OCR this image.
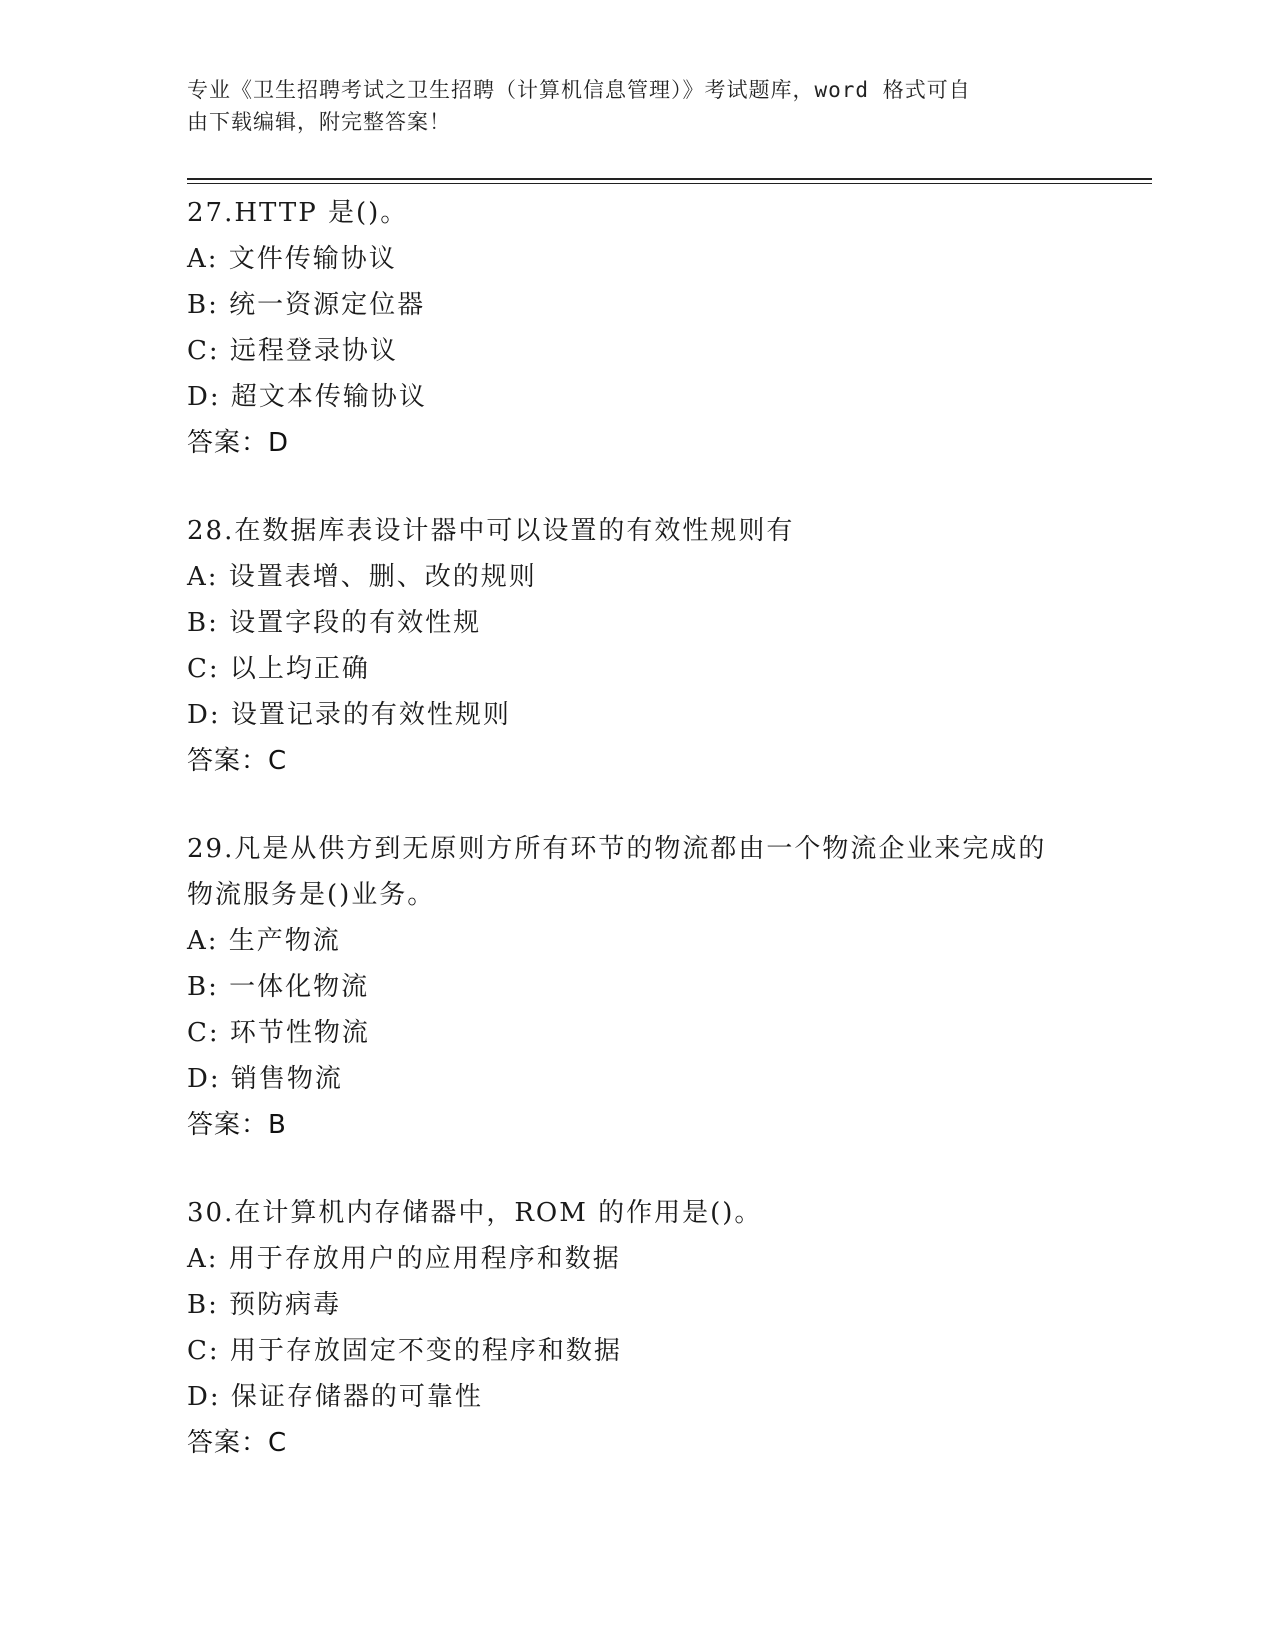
专业《卫生招聘考试之卫生招聘（计算机信息管理）》考试题库，word 格式可自
由下载编辑，附完整答案！
27.HTTP 是()。
A: 文件传输协议
B: 统一资源定位器
C: 远程登录协议
D: 超文本传输协议
答案：D
28.在数据库表设计器中可以设置的有效性规则有
A: 设置表增、删、改的规则
B: 设置字段的有效性规
C: 以上均正确
D: 设置记录的有效性规则
答案：C
29.凡是从供方到无原则方所有环节的物流都由一个物流企业来完成的
物流服务是()业务。
A: 生产物流
B: 一体化物流
C: 环节性物流
D: 销售物流
答案：B
30.在计算机内存储器中，ROM 的作用是()。
A: 用于存放用户的应用程序和数据
B: 预防病毒
C: 用于存放固定不变的程序和数据
D: 保证存储器的可靠性
答案：C
